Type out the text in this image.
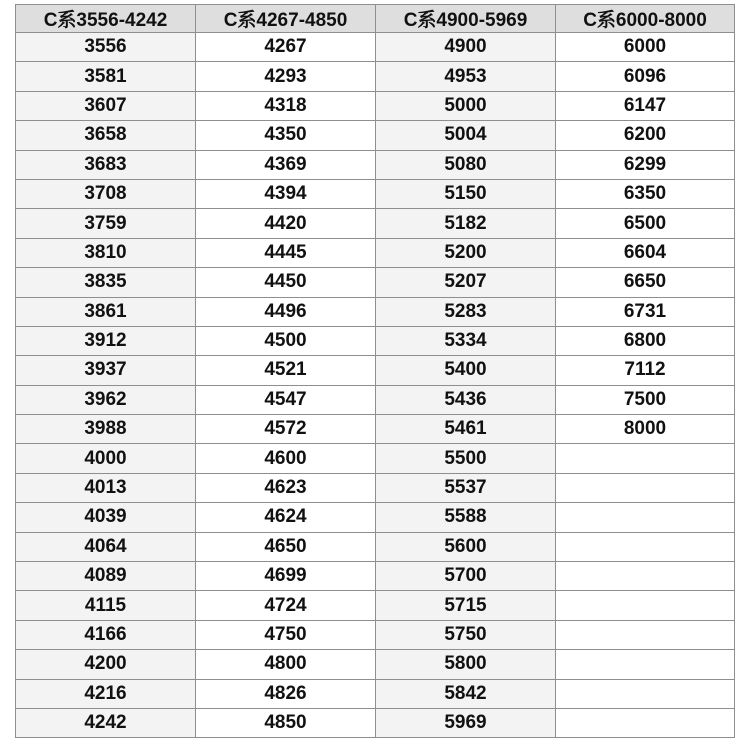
C系3556-4242	C系4267-4850	C系4900-5969	C系6000-8000
3556	4267	4900	6000
3581	4293	4953	6096
3607	4318	5000	6147
3658	4350	5004	6200
3683	4369	5080	6299
3708	4394	5150	6350
3759	4420	5182	6500
3810	4445	5200	6604
3835	4450	5207	6650
3861	4496	5283	6731
3912	4500	5334	6800
3937	4521	5400	7112
3962	4547	5436	7500
3988	4572	5461	8000
4000	4600	5500	
4013	4623	5537	
4039	4624	5588	
4064	4650	5600	
4089	4699	5700	
4115	4724	5715	
4166	4750	5750	
4200	4800	5800	
4216	4826	5842	
4242	4850	5969	
